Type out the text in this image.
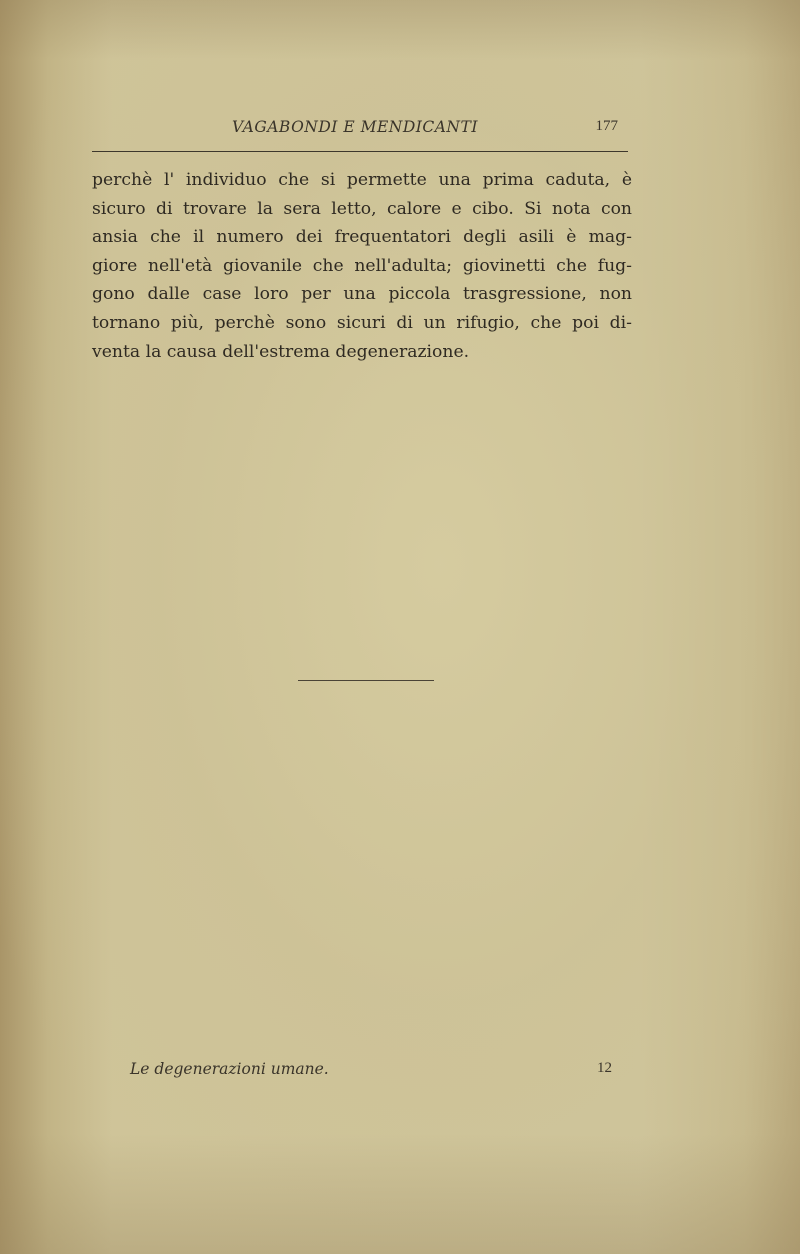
VAGABONDI E MENDICANTI	177

perchè l' individuo che si permette una prima caduta, è
sicuro di trovare la sera letto, calore e cibo. Si nota con
ansia che il numero dei frequentatori degli asili è mag-
giore nell'età giovanile che nell'adulta; giovinetti che fug-
gono dalle case loro per una piccola trasgressione, non
tornano più, perchè sono sicuri di un rifugio, che poi di-
venta la causa dell'estrema degenerazione.

Le degenerazioni umane.	12
